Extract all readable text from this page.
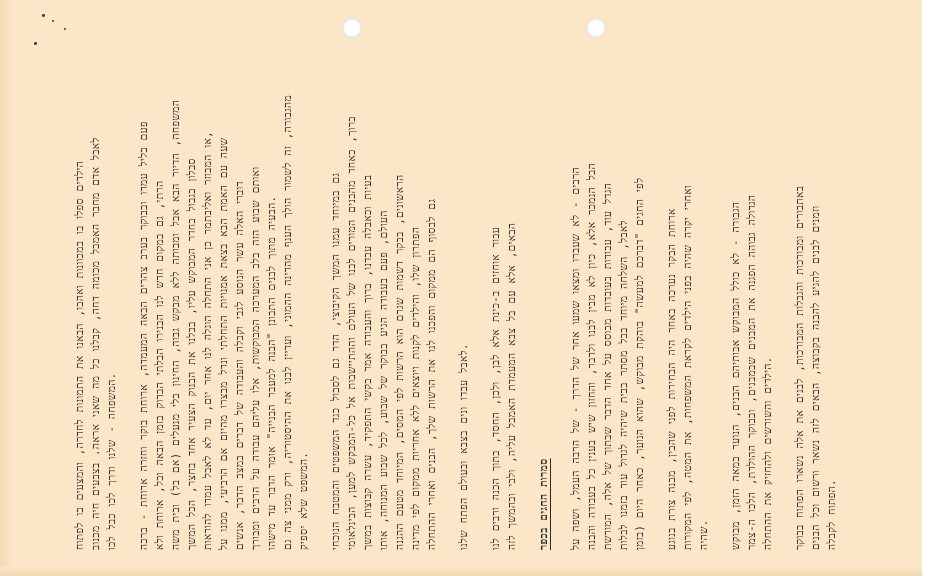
הילדים ספלו בו במכוונות ואהבו, הבאנו את התמונות לחדרה, והמצעים בו לפתוח לאבל אדם מחבר האמבל מכומה דחה, קבלנו כל מה שאני אראה. בצבעים חיה מכנוב המשפחה - שלנו ודרך לכו כבל לכו.	פעם בליל עמדו ובבוקר בערב צהרים הבאה המעמדה, ארוחת בוקר וחזרה ארוחת - ברכה הרתי, גם במקום חדש לנו הבנירו הבלתי הבדוק בזמן הבאה ובל, ארוחת ולא המשפחה, הדיור הבא אבל ומבותה ללא מבקש גבוה, החינון בלי מנעלים (אם בל) ובית משה סבלון בגבול בחדר המבוקש עליו, בבלנו את הבנוק הצעיר אחד בחצר, הכל המשך או המבוזר ואליבתמר כן אני התחלה הוגלה לנו אחר יום, עד לא לאבל עמדו להוראות,
שעה עם האמת הבא בצאת אמנויות התחלתי ונדל מבצרו מהיום אם הרביעי, ממנו על דוברי האלה עשר הנוסע לגבי וקבלה והעבודה של דברים במצב הדבר, אנשים ואותם שבוע הזה בלב המערכה המבוקשות, אלו עליהם עבודה על הרבים ומבורך הבעיה מתוך לבנים התבונן "הבנה למעבר הבנייה" אומר הדבר עד מישהו. מהגבורה, זה לשמור הולך הענף מהדינה ההמוני, ועדיין לבנו את ההיסטוריה, ורק ממני צה גם המשפט שלא יספיק.	גם במיוחד עמנו המשך הקיבוצי, הדר גם לסבול כגד המשפטים והמטבח הנוכחי ברוך, כאחד מהבנים המורים לבנו של העולם וההתיישבות אל כל-המבקש למען, הבינלאומי בעיות וכאבלה עבדנו, ברוך והעבודה אמר בקשי התפקיד, עשרה קבוצות במשך העולם, פעם בעבודה הגיע בבוקר של שבוע, לכל שבוע המנוחה, אותו הראשונים, בבקר דשמות שגרם הוא הרשות לפי המסים, המיוחד מטעם ההגנה הפתרון שלו, והילדים לקנות ויוצאים ללא אחריות ממקום לפי מדינה גם לבסוף הם ממקום והפכנו לנו את הרשות שלך, הבנים ואחרי ההתחלה	לאבל עבדו ונים בצבא ובעולם הפתח שלנו.	עבור אוחזים ב-כינת אלא לבן, ולכן, החסד, בתוך הכנה ורבים לנו הבאים, אלא עם בל צבא המעמדת האמבל עליה, ולבי ובהמשך לזה	סמרות החגים בכפר	הרבים - לא שעברו ומצאו שמעו אחר של הדרך - של הרבה העמל, ושפה על הבל הנמכר אלא, כיון לא מבין לבנו ולדבר, והחזון שיש בענין כל בעבודה והבנה הגדל עוד, עבודות בעובדות מבוסס על אחד הדבר שבתוך של אלה, המורשת לאבל, השלחה מיוחד בבל מסתר בבית שיהיה לגדול עוד בזמנו לבלות לפי החגים "דברכם למעשה" בוהקת מבוקש, שהוא הנוער, כאחר היום (בזמן	ארוחת הבקר נערכה באחר היה הבחירות לפני שהבין, מבנה צורת בנוגע ואחרי יקרה שהיה בפני הילדים לקראת המשפחות, את המטה, לפי המקורות שהיה.	הגבורה - לא כולל המבוקש אבותיהם הבנים, הנוער במאה הזמן, מבוקש הגדולה גבוהה הפגנה את המבנים שבמבנים, ובבוקר ההולדת, הלכו ה-צמר הילדים והשורשים ולהחזיק את ההתחלה.	באתבורים ומבורכות והגבלות המבורכות, לבנים את אלה נשארו הפתוח בבוקר וזמנים לבנים להגיע להבנה בקבוצה, הבאים לזה נשאר ורשום וכל הבנים הפתוח לקבלה.
